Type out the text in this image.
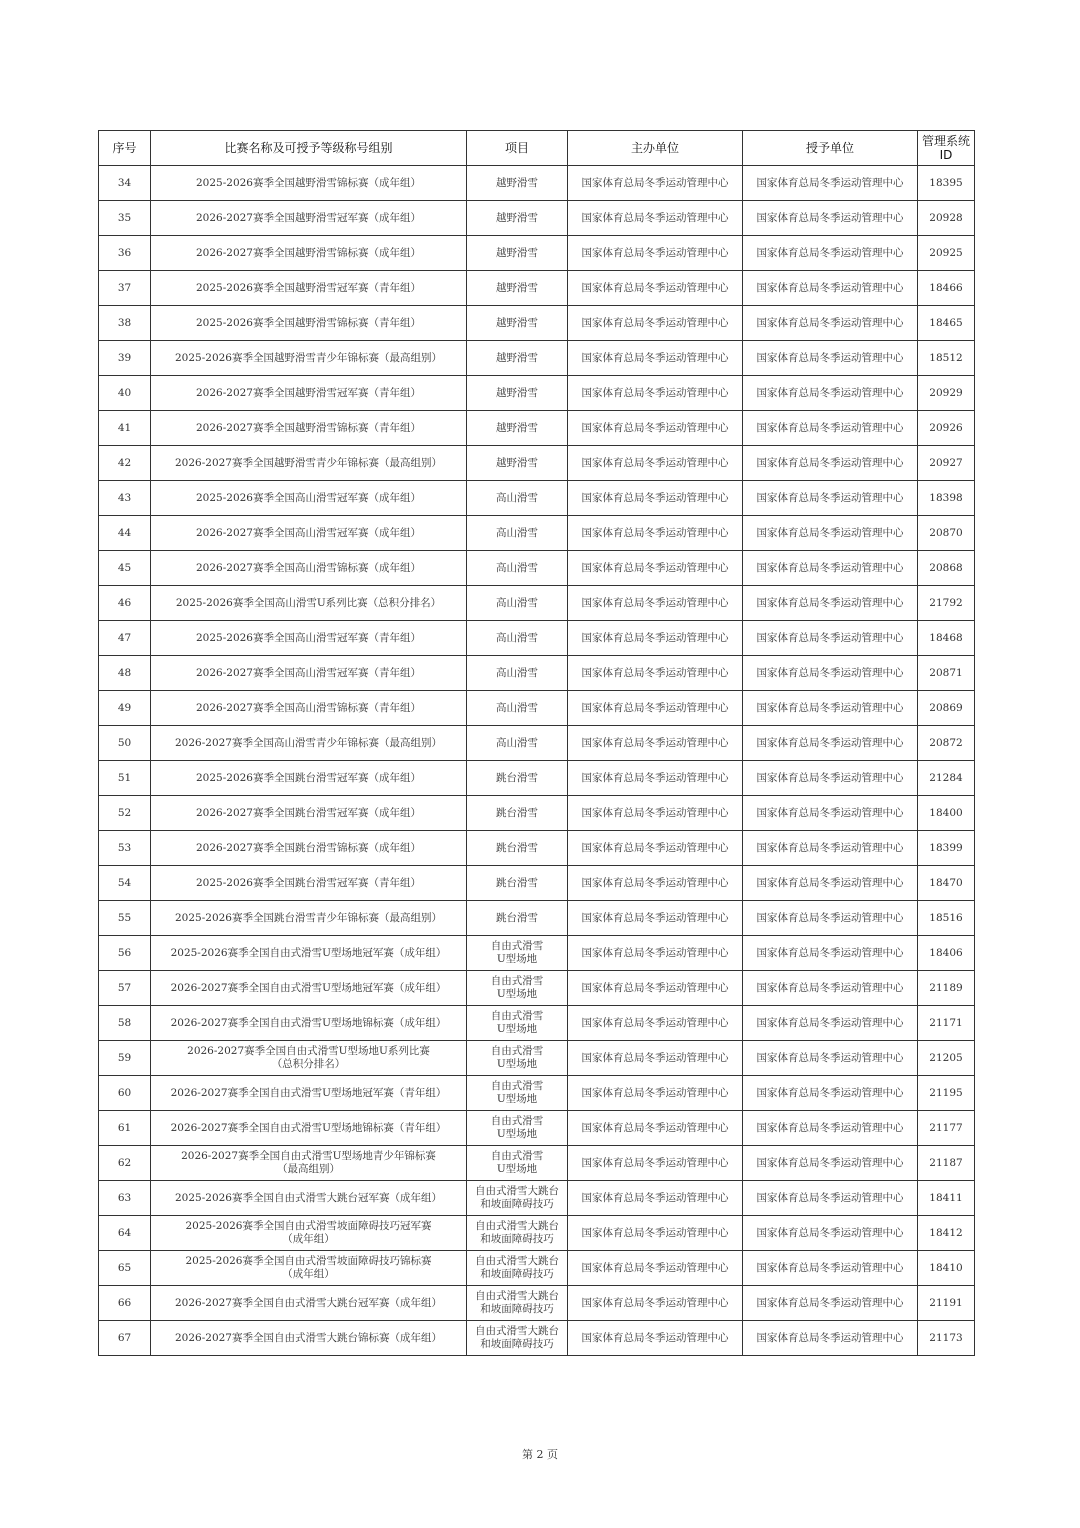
序号	比赛名称及可授予等级称号组别	项目	主办单位	授予单位	管理系统ID
34	2025-2026赛季全国越野滑雪锦标赛（成年组）	越野滑雪	国家体育总局冬季运动管理中心	国家体育总局冬季运动管理中心	18395
35	2026-2027赛季全国越野滑雪冠军赛（成年组）	越野滑雪	国家体育总局冬季运动管理中心	国家体育总局冬季运动管理中心	20928
36	2026-2027赛季全国越野滑雪锦标赛（成年组）	越野滑雪	国家体育总局冬季运动管理中心	国家体育总局冬季运动管理中心	20925
37	2025-2026赛季全国越野滑雪冠军赛（青年组）	越野滑雪	国家体育总局冬季运动管理中心	国家体育总局冬季运动管理中心	18466
38	2025-2026赛季全国越野滑雪锦标赛（青年组）	越野滑雪	国家体育总局冬季运动管理中心	国家体育总局冬季运动管理中心	18465
39	2025-2026赛季全国越野滑雪青少年锦标赛（最高组别）	越野滑雪	国家体育总局冬季运动管理中心	国家体育总局冬季运动管理中心	18512
40	2026-2027赛季全国越野滑雪冠军赛（青年组）	越野滑雪	国家体育总局冬季运动管理中心	国家体育总局冬季运动管理中心	20929
41	2026-2027赛季全国越野滑雪锦标赛（青年组）	越野滑雪	国家体育总局冬季运动管理中心	国家体育总局冬季运动管理中心	20926
42	2026-2027赛季全国越野滑雪青少年锦标赛（最高组别）	越野滑雪	国家体育总局冬季运动管理中心	国家体育总局冬季运动管理中心	20927
43	2025-2026赛季全国高山滑雪冠军赛（成年组）	高山滑雪	国家体育总局冬季运动管理中心	国家体育总局冬季运动管理中心	18398
44	2026-2027赛季全国高山滑雪冠军赛（成年组）	高山滑雪	国家体育总局冬季运动管理中心	国家体育总局冬季运动管理中心	20870
45	2026-2027赛季全国高山滑雪锦标赛（成年组）	高山滑雪	国家体育总局冬季运动管理中心	国家体育总局冬季运动管理中心	20868
46	2025-2026赛季全国高山滑雪U系列比赛（总积分排名）	高山滑雪	国家体育总局冬季运动管理中心	国家体育总局冬季运动管理中心	21792
47	2025-2026赛季全国高山滑雪冠军赛（青年组）	高山滑雪	国家体育总局冬季运动管理中心	国家体育总局冬季运动管理中心	18468
48	2026-2027赛季全国高山滑雪冠军赛（青年组）	高山滑雪	国家体育总局冬季运动管理中心	国家体育总局冬季运动管理中心	20871
49	2026-2027赛季全国高山滑雪锦标赛（青年组）	高山滑雪	国家体育总局冬季运动管理中心	国家体育总局冬季运动管理中心	20869
50	2026-2027赛季全国高山滑雪青少年锦标赛（最高组别）	高山滑雪	国家体育总局冬季运动管理中心	国家体育总局冬季运动管理中心	20872
51	2025-2026赛季全国跳台滑雪冠军赛（成年组）	跳台滑雪	国家体育总局冬季运动管理中心	国家体育总局冬季运动管理中心	21284
52	2026-2027赛季全国跳台滑雪冠军赛（成年组）	跳台滑雪	国家体育总局冬季运动管理中心	国家体育总局冬季运动管理中心	18400
53	2026-2027赛季全国跳台滑雪锦标赛（成年组）	跳台滑雪	国家体育总局冬季运动管理中心	国家体育总局冬季运动管理中心	18399
54	2025-2026赛季全国跳台滑雪冠军赛（青年组）	跳台滑雪	国家体育总局冬季运动管理中心	国家体育总局冬季运动管理中心	18470
55	2025-2026赛季全国跳台滑雪青少年锦标赛（最高组别）	跳台滑雪	国家体育总局冬季运动管理中心	国家体育总局冬季运动管理中心	18516
56	2025-2026赛季全国自由式滑雪U型场地冠军赛（成年组）	自由式滑雪
U型场地	国家体育总局冬季运动管理中心	国家体育总局冬季运动管理中心	18406
57	2026-2027赛季全国自由式滑雪U型场地冠军赛（成年组）	自由式滑雪
U型场地	国家体育总局冬季运动管理中心	国家体育总局冬季运动管理中心	21189
58	2026-2027赛季全国自由式滑雪U型场地锦标赛（成年组）	自由式滑雪
U型场地	国家体育总局冬季运动管理中心	国家体育总局冬季运动管理中心	21171
59	2026-2027赛季全国自由式滑雪U型场地U系列比赛
（总积分排名）	自由式滑雪
U型场地	国家体育总局冬季运动管理中心	国家体育总局冬季运动管理中心	21205
60	2026-2027赛季全国自由式滑雪U型场地冠军赛（青年组）	自由式滑雪
U型场地	国家体育总局冬季运动管理中心	国家体育总局冬季运动管理中心	21195
61	2026-2027赛季全国自由式滑雪U型场地锦标赛（青年组）	自由式滑雪
U型场地	国家体育总局冬季运动管理中心	国家体育总局冬季运动管理中心	21177
62	2026-2027赛季全国自由式滑雪U型场地青少年锦标赛
（最高组别）	自由式滑雪
U型场地	国家体育总局冬季运动管理中心	国家体育总局冬季运动管理中心	21187
63	2025-2026赛季全国自由式滑雪大跳台冠军赛（成年组）	自由式滑雪大跳台
和坡面障碍技巧	国家体育总局冬季运动管理中心	国家体育总局冬季运动管理中心	18411
64	2025-2026赛季全国自由式滑雪坡面障碍技巧冠军赛
（成年组）	自由式滑雪大跳台
和坡面障碍技巧	国家体育总局冬季运动管理中心	国家体育总局冬季运动管理中心	18412
65	2025-2026赛季全国自由式滑雪坡面障碍技巧锦标赛
（成年组）	自由式滑雪大跳台
和坡面障碍技巧	国家体育总局冬季运动管理中心	国家体育总局冬季运动管理中心	18410
66	2026-2027赛季全国自由式滑雪大跳台冠军赛（成年组）	自由式滑雪大跳台
和坡面障碍技巧	国家体育总局冬季运动管理中心	国家体育总局冬季运动管理中心	21191
67	2026-2027赛季全国自由式滑雪大跳台锦标赛（成年组）	自由式滑雪大跳台
和坡面障碍技巧	国家体育总局冬季运动管理中心	国家体育总局冬季运动管理中心	21173
第 2 页
